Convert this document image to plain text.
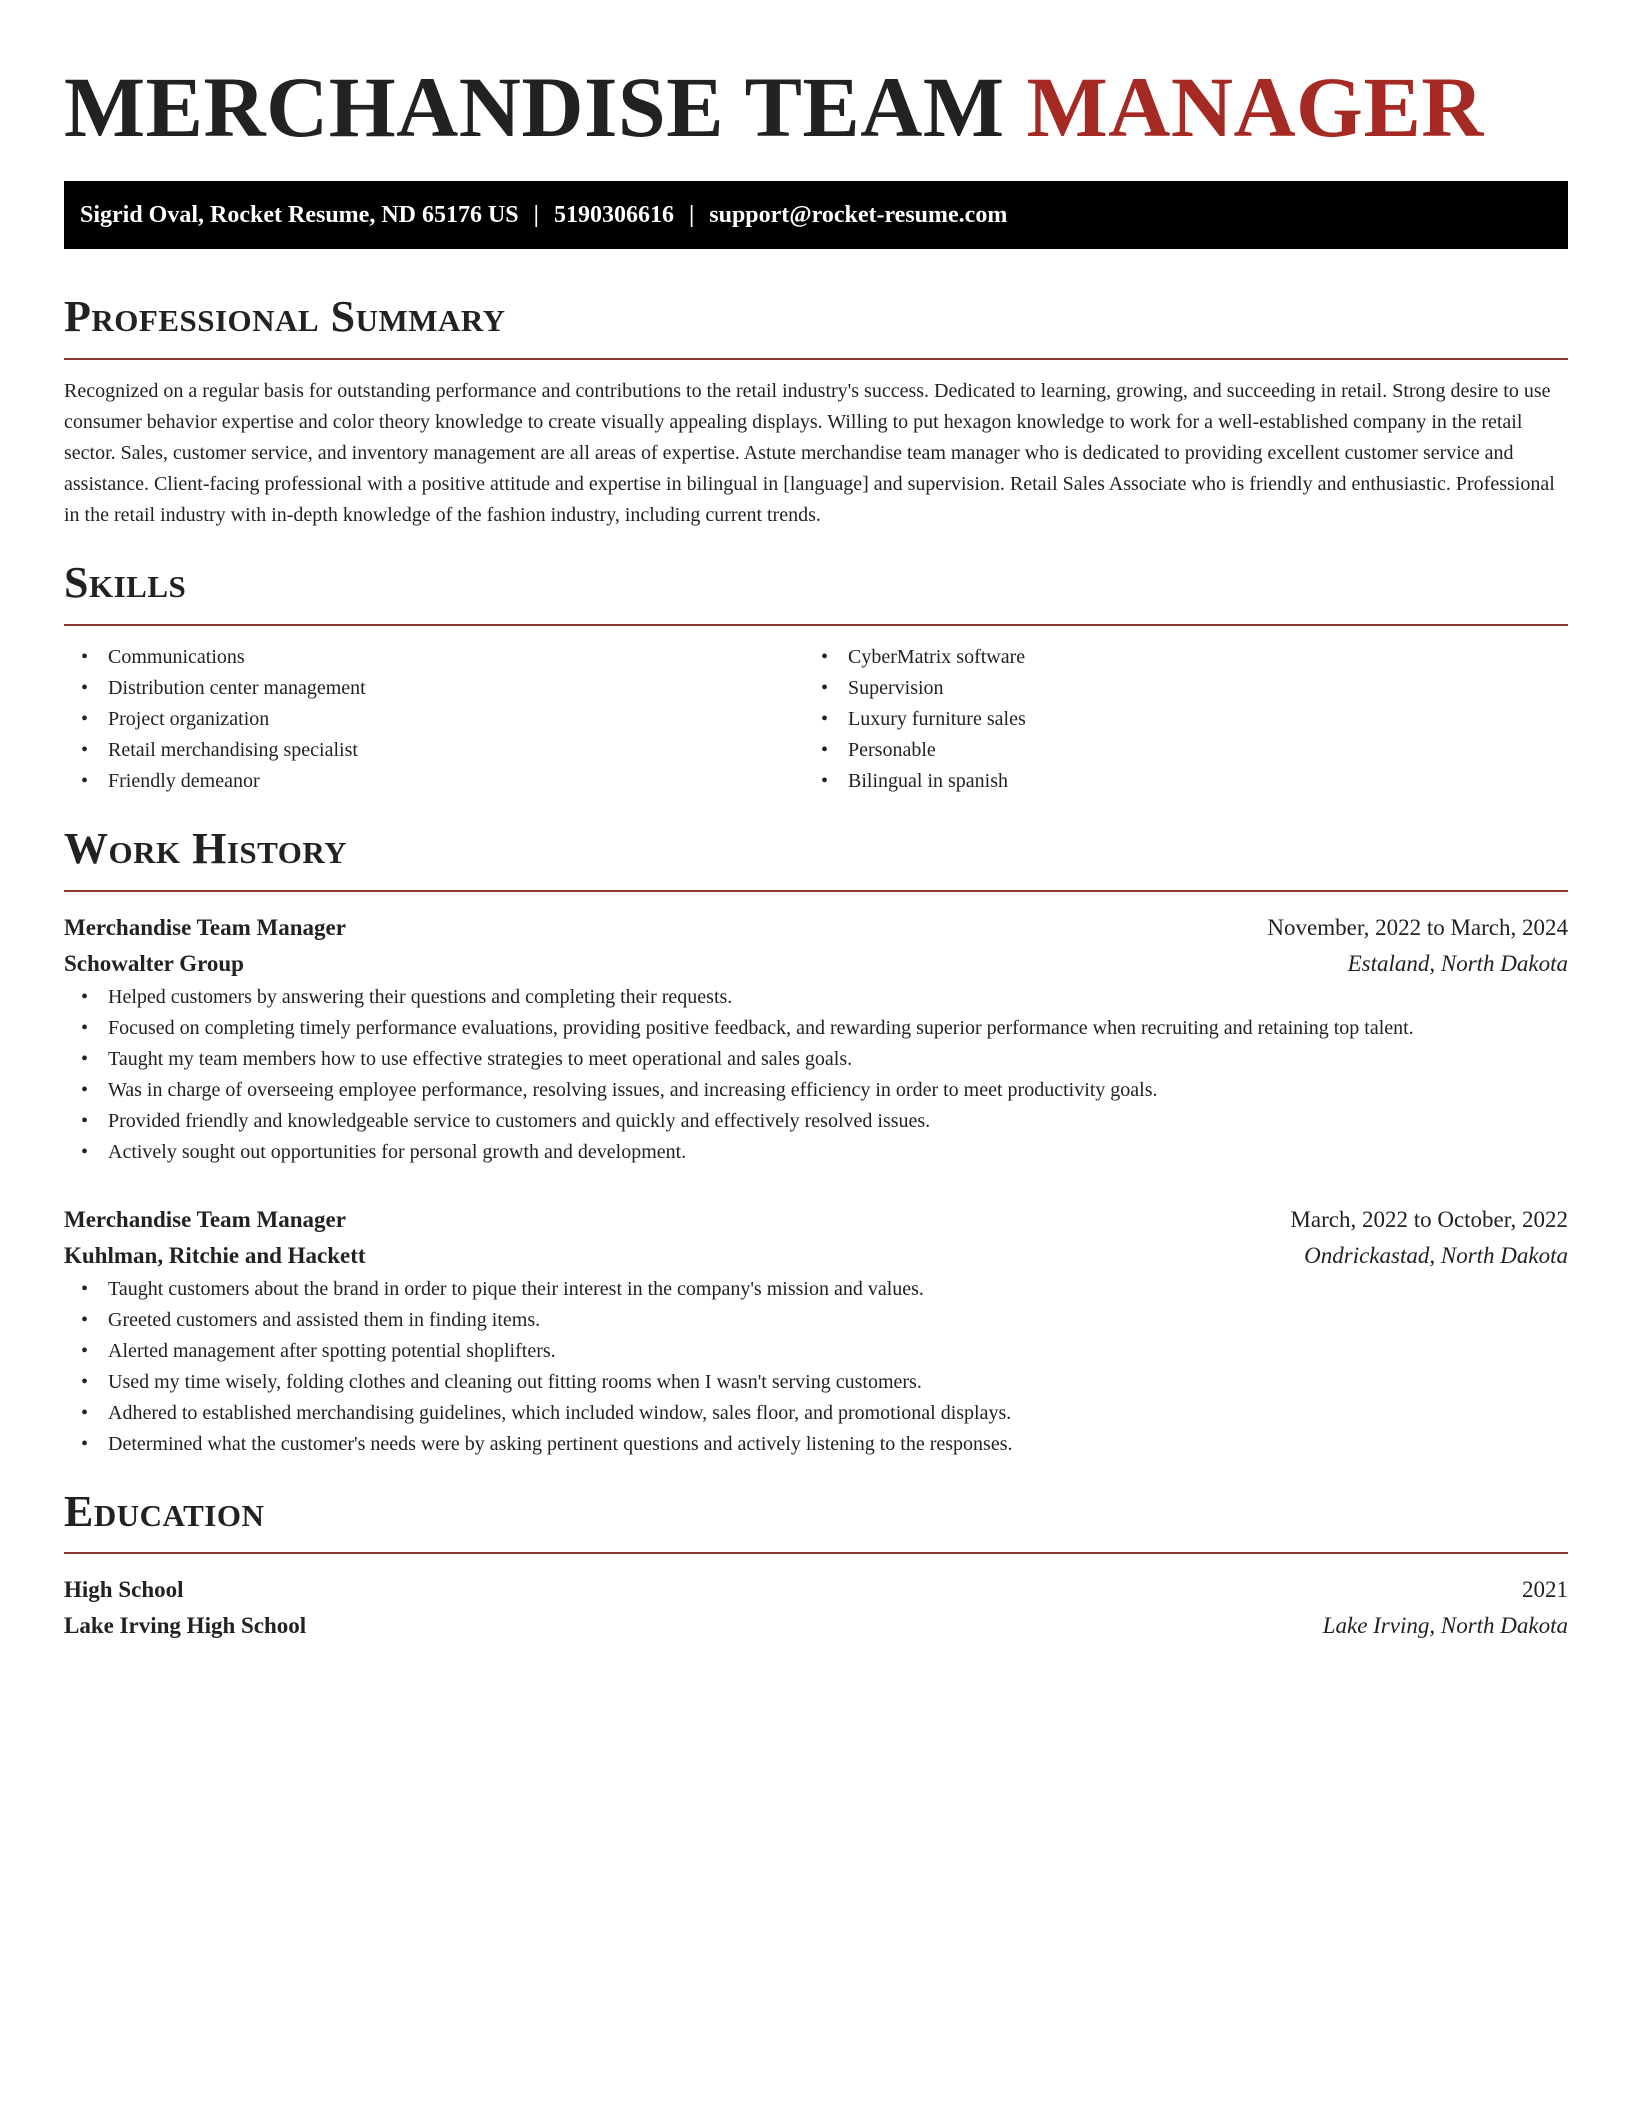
MERCHANDISE TEAM MANAGER
Sigrid Oval, Rocket Resume, ND 65176 US | 5190306616 | support@rocket-resume.com
Professional Summary

Recognized on a regular basis for outstanding performance and contributions to the retail industry's success. Dedicated to learning, growing, and succeeding in retail. Strong desire to use consumer behavior expertise and color theory knowledge to create visually appealing displays. Willing to put hexagon knowledge to work for a well-established company in the retail sector. Sales, customer service, and inventory management are all areas of expertise. Astute merchandise team manager who is dedicated to providing excellent customer service and assistance. Client-facing professional with a positive attitude and expertise in bilingual in [language] and supervision. Retail Sales Associate who is friendly and enthusiastic. Professional in the retail industry with in-depth knowledge of the fashion industry, including current trends.

Skills
• Communications
• Distribution center management
• Project organization
• Retail merchandising specialist
• Friendly demeanor
• CyberMatrix software
• Supervision
• Luxury furniture sales
• Personable
• Bilingual in spanish
Work History
Merchandise Team Manager	November, 2022 to March, 2024
Schowalter Group	Estaland, North Dakota
• Helped customers by answering their questions and completing their requests.
• Focused on completing timely performance evaluations, providing positive feedback, and rewarding superior performance when recruiting and retaining top talent.
• Taught my team members how to use effective strategies to meet operational and sales goals.
• Was in charge of overseeing employee performance, resolving issues, and increasing efficiency in order to meet productivity goals.
• Provided friendly and knowledgeable service to customers and quickly and effectively resolved issues.
• Actively sought out opportunities for personal growth and development.
Merchandise Team Manager	March, 2022 to October, 2022
Kuhlman, Ritchie and Hackett	Ondrickastad, North Dakota
• Taught customers about the brand in order to pique their interest in the company's mission and values.
• Greeted customers and assisted them in finding items.
• Alerted management after spotting potential shoplifters.
• Used my time wisely, folding clothes and cleaning out fitting rooms when I wasn't serving customers.
• Adhered to established merchandising guidelines, which included window, sales floor, and promotional displays.
• Determined what the customer's needs were by asking pertinent questions and actively listening to the responses.
Education
High School	2021
Lake Irving High School	Lake Irving, North Dakota
